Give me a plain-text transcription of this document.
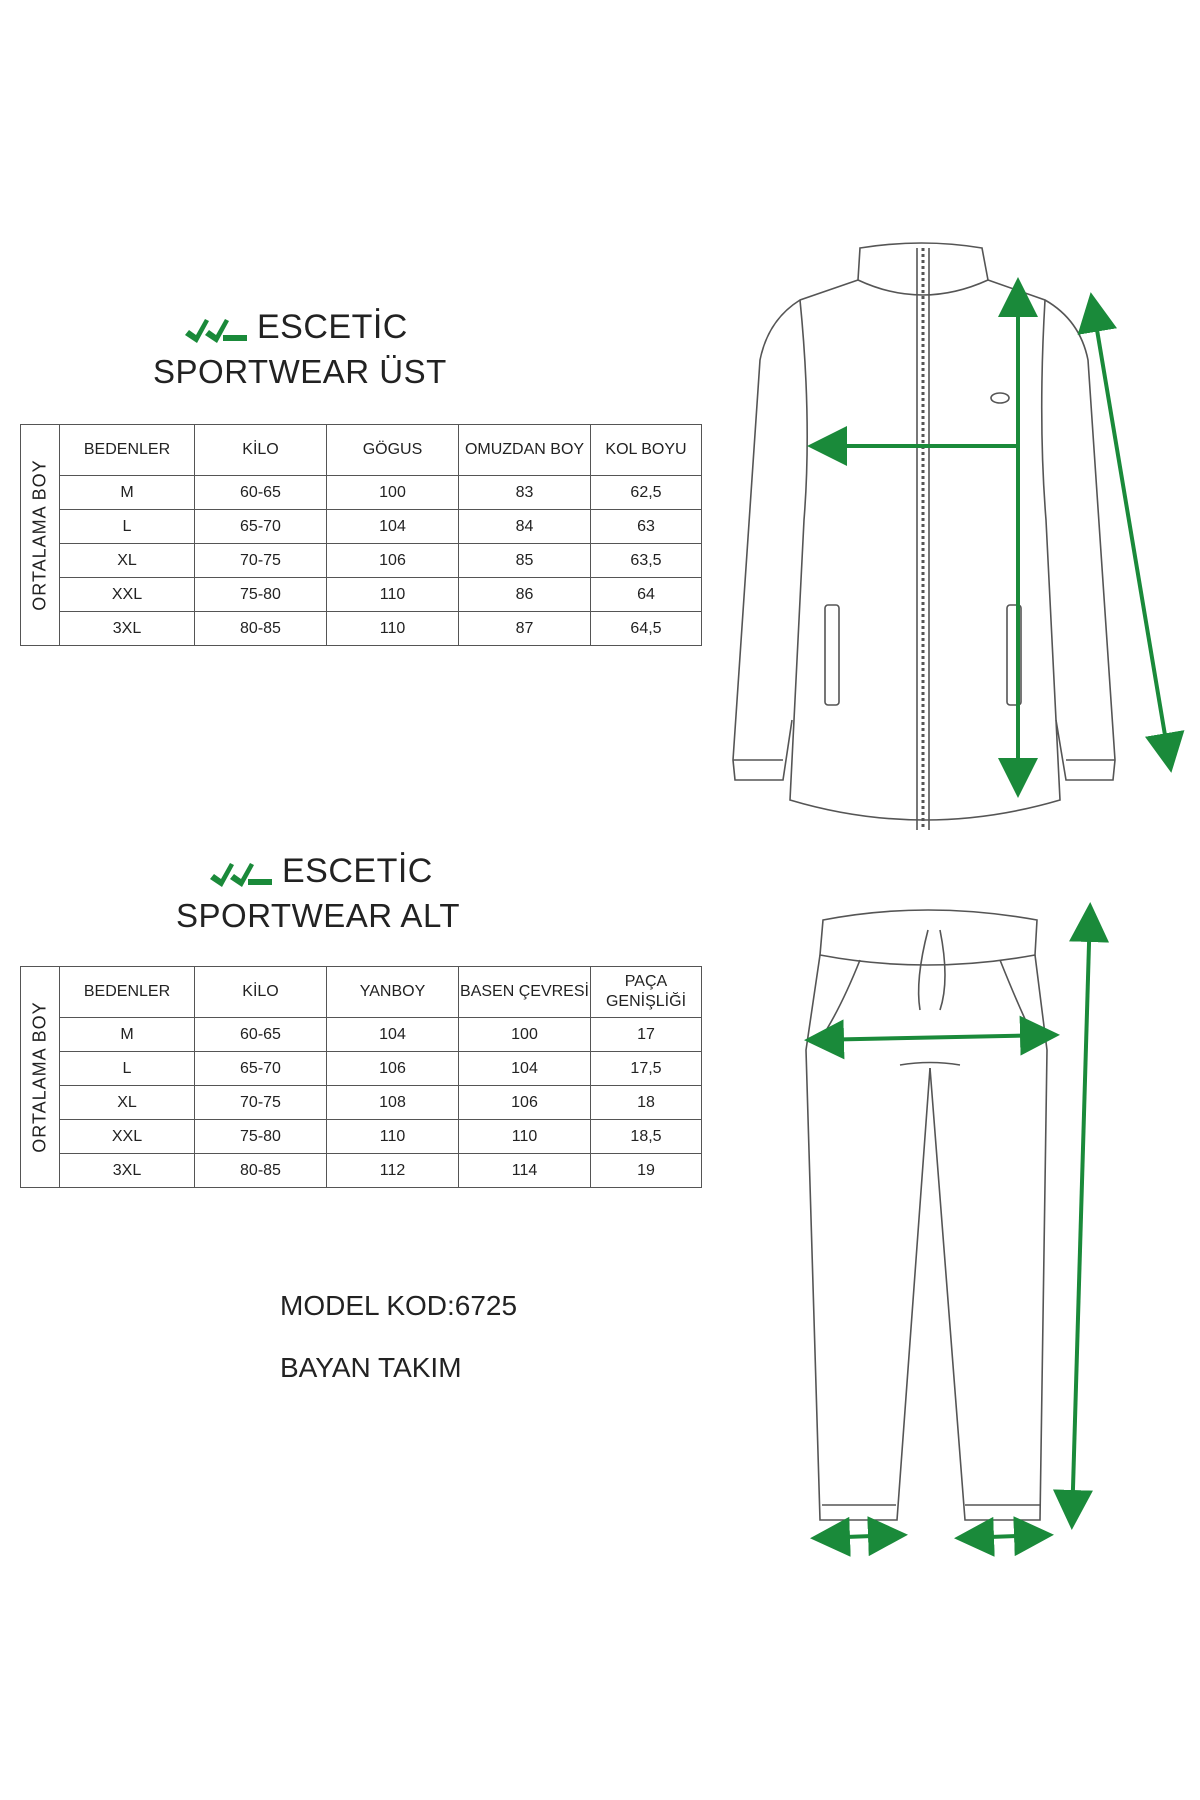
ESCETİC
SPORTWEAR ÜST
ORTALAMA BOY	BEDENLER	KİLO	GÖGUS	OMUZDAN BOY	KOL BOYU
	M	60-65	100	83	62,5
	L	65-70	104	84	63
	XL	70-75	106	85	63,5
	XXL	75-80	110	86	64
	3XL	80-85	110	87	64,5
ESCETİC
SPORTWEAR ALT
ORTALAMA BOY	BEDENLER	KİLO	YANBOY	BASEN ÇEVRESİ	PAÇA GENİŞLİĞİ
	M	60-65	104	100	17
	L	65-70	106	104	17,5
	XL	70-75	108	106	18
	XXL	75-80	110	110	18,5
	3XL	80-85	112	114	19
MODEL KOD:6725
BAYAN TAKIM
